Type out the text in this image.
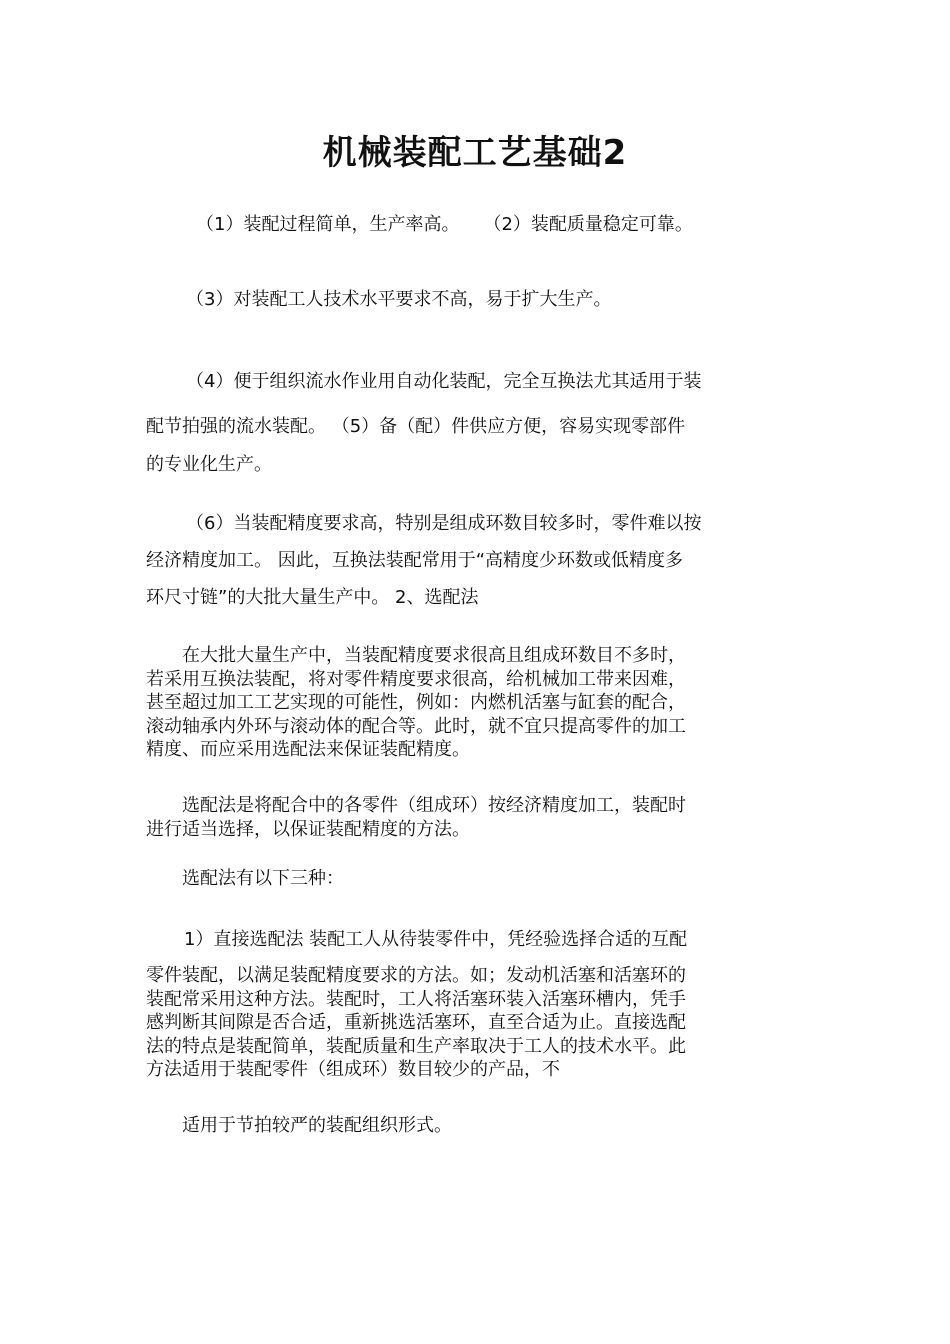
机械装配工艺基础2

（1）装配过程简单，生产率高。 （2）装配质量稳定可靠。

（3）对装配工人技术水平要求不高，易于扩大生产。

（4）便于组织流水作业用自动化装配，完全互换法尤其适用于装
配节拍强的流水装配。 （5）备（配）件供应方便，容易实现零部件
的专业化生产。

（6）当装配精度要求高，特别是组成环数目较多时，零件难以按
经济精度加工。 因此，互换法装配常用于“高精度少环数或低精度多
环尺寸链”的大批大量生产中。 2、选配法

在大批大量生产中，当装配精度要求很高且组成环数目不多时，
若采用互换法装配，将对零件精度要求很高，给机械加工带来因难，
甚至超过加工工艺实现的可能性，例如：内燃机活塞与缸套的配合，
滚动轴承内外环与滚动体的配合等。此时，就不宜只提高零件的加工
精度、而应采用选配法来保证装配精度。

选配法是将配合中的各零件（组成环）按经济精度加工，装配时
进行适当选择，以保证装配精度的方法。

选配法有以下三种：

1）直接选配法 装配工人从待装零件中，凭经验选择合适的互配

零件装配，以满足装配精度要求的方法。如；发动机活塞和活塞环的
装配常采用这种方法。装配时，工人将活塞环装入活塞环槽内，凭手
感判断其间隙是否合适，重新挑选活塞环，直至合适为止。直接选配
法的特点是装配简单，装配质量和生产率取决于工人的技术水平。此
方法适用于装配零件（组成环）数目较少的产品，不

适用于节拍较严的装配组织形式。
